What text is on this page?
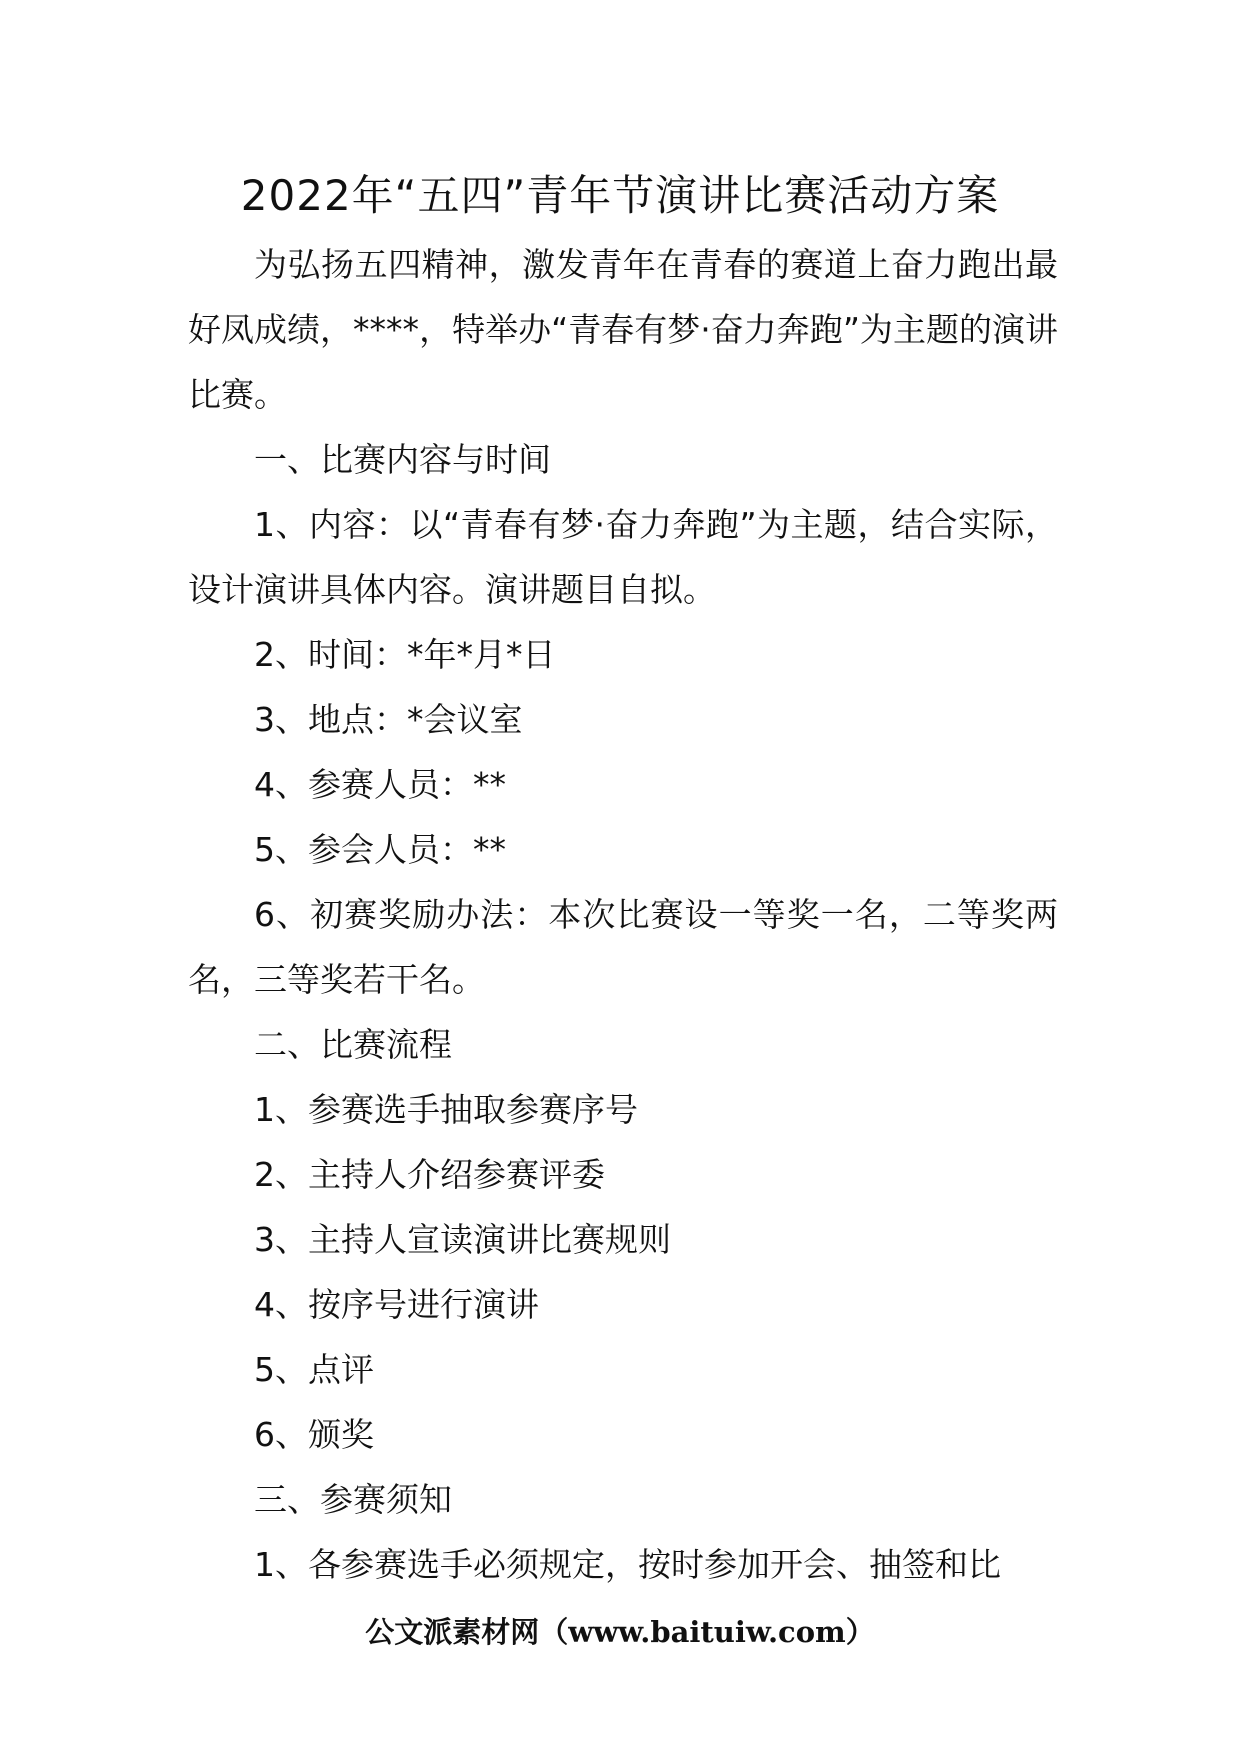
2022年“五四”青年节演讲比赛活动方案

为弘扬五四精神，激发青年在青春的赛道上奋力跑出最好凤成绩，****，特举办“青春有梦·奋力奔跑”为主题的演讲比赛。

一、比赛内容与时间

1、内容：以“青春有梦·奋力奔跑”为主题，结合实际，设计演讲具体内容。演讲题目自拟。

2、时间：*年*月*日

3、地点：*会议室

4、参赛人员：**

5、参会人员：**

6、初赛奖励办法：本次比赛设一等奖一名，二等奖两名，三等奖若干名。

二、比赛流程

1、参赛选手抽取参赛序号

2、主持人介绍参赛评委

3、主持人宣读演讲比赛规则

4、按序号进行演讲

5、点评

6、颁奖

三、参赛须知

1、各参赛选手必须规定，按时参加开会、抽签和比

公文派素材网（www.baituiw.com）
